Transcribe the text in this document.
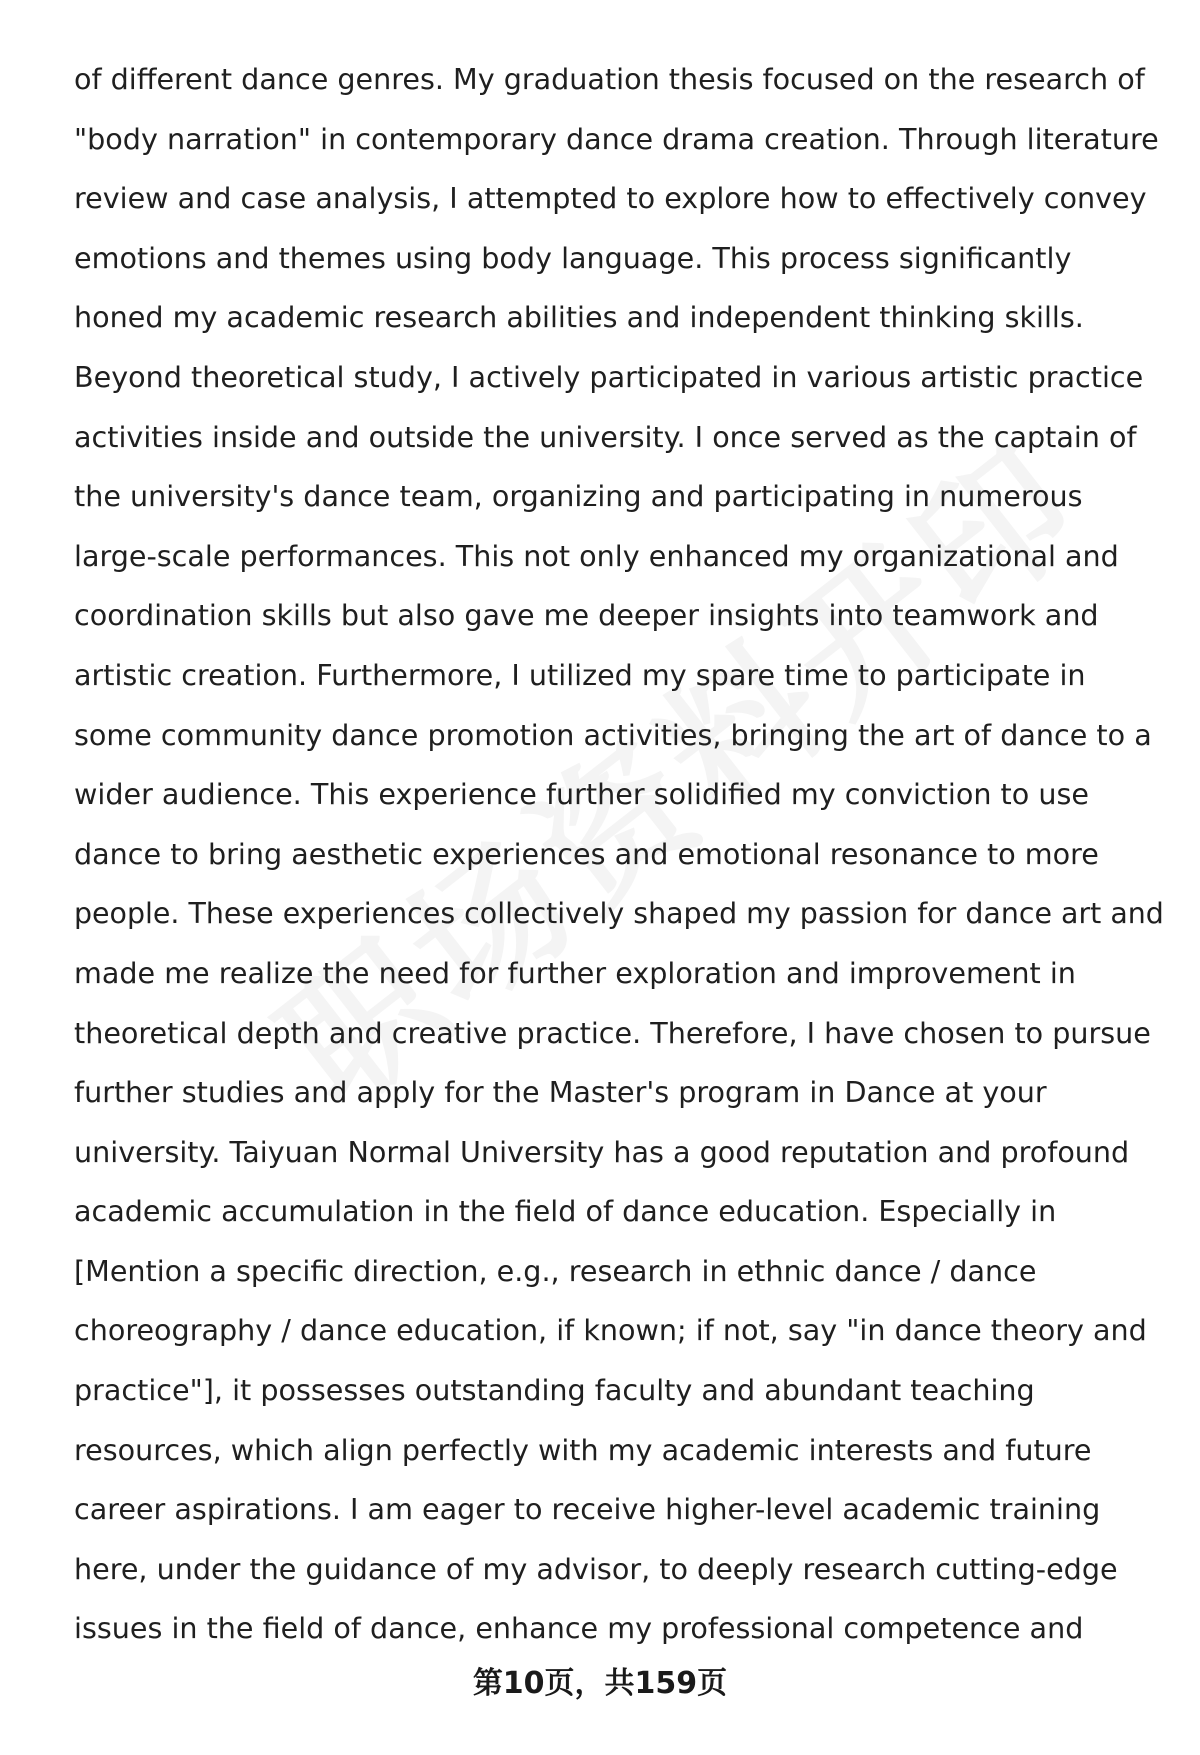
of different dance genres. My graduation thesis focused on the research of
"body narration" in contemporary dance drama creation. Through literature
review and case analysis, I attempted to explore how to effectively convey
emotions and themes using body language. This process significantly
honed my academic research abilities and independent thinking skills.
Beyond theoretical study, I actively participated in various artistic practice
activities inside and outside the university. I once served as the captain of
the university's dance team, organizing and participating in numerous
large-scale performances. This not only enhanced my organizational and
coordination skills but also gave me deeper insights into teamwork and
artistic creation. Furthermore, I utilized my spare time to participate in
some community dance promotion activities, bringing the art of dance to a
wider audience. This experience further solidified my conviction to use
dance to bring aesthetic experiences and emotional resonance to more
people. These experiences collectively shaped my passion for dance art and
made me realize the need for further exploration and improvement in
theoretical depth and creative practice. Therefore, I have chosen to pursue
further studies and apply for the Master's program in Dance at your
university. Taiyuan Normal University has a good reputation and profound
academic accumulation in the field of dance education. Especially in
[Mention a specific direction, e.g., research in ethnic dance / dance
choreography / dance education, if known; if not, say "in dance theory and
practice"], it possesses outstanding faculty and abundant teaching
resources, which align perfectly with my academic interests and future
career aspirations. I am eager to receive higher-level academic training
here, under the guidance of my advisor, to deeply research cutting-edge
issues in the field of dance, enhance my professional competence and
第10页，共159页
